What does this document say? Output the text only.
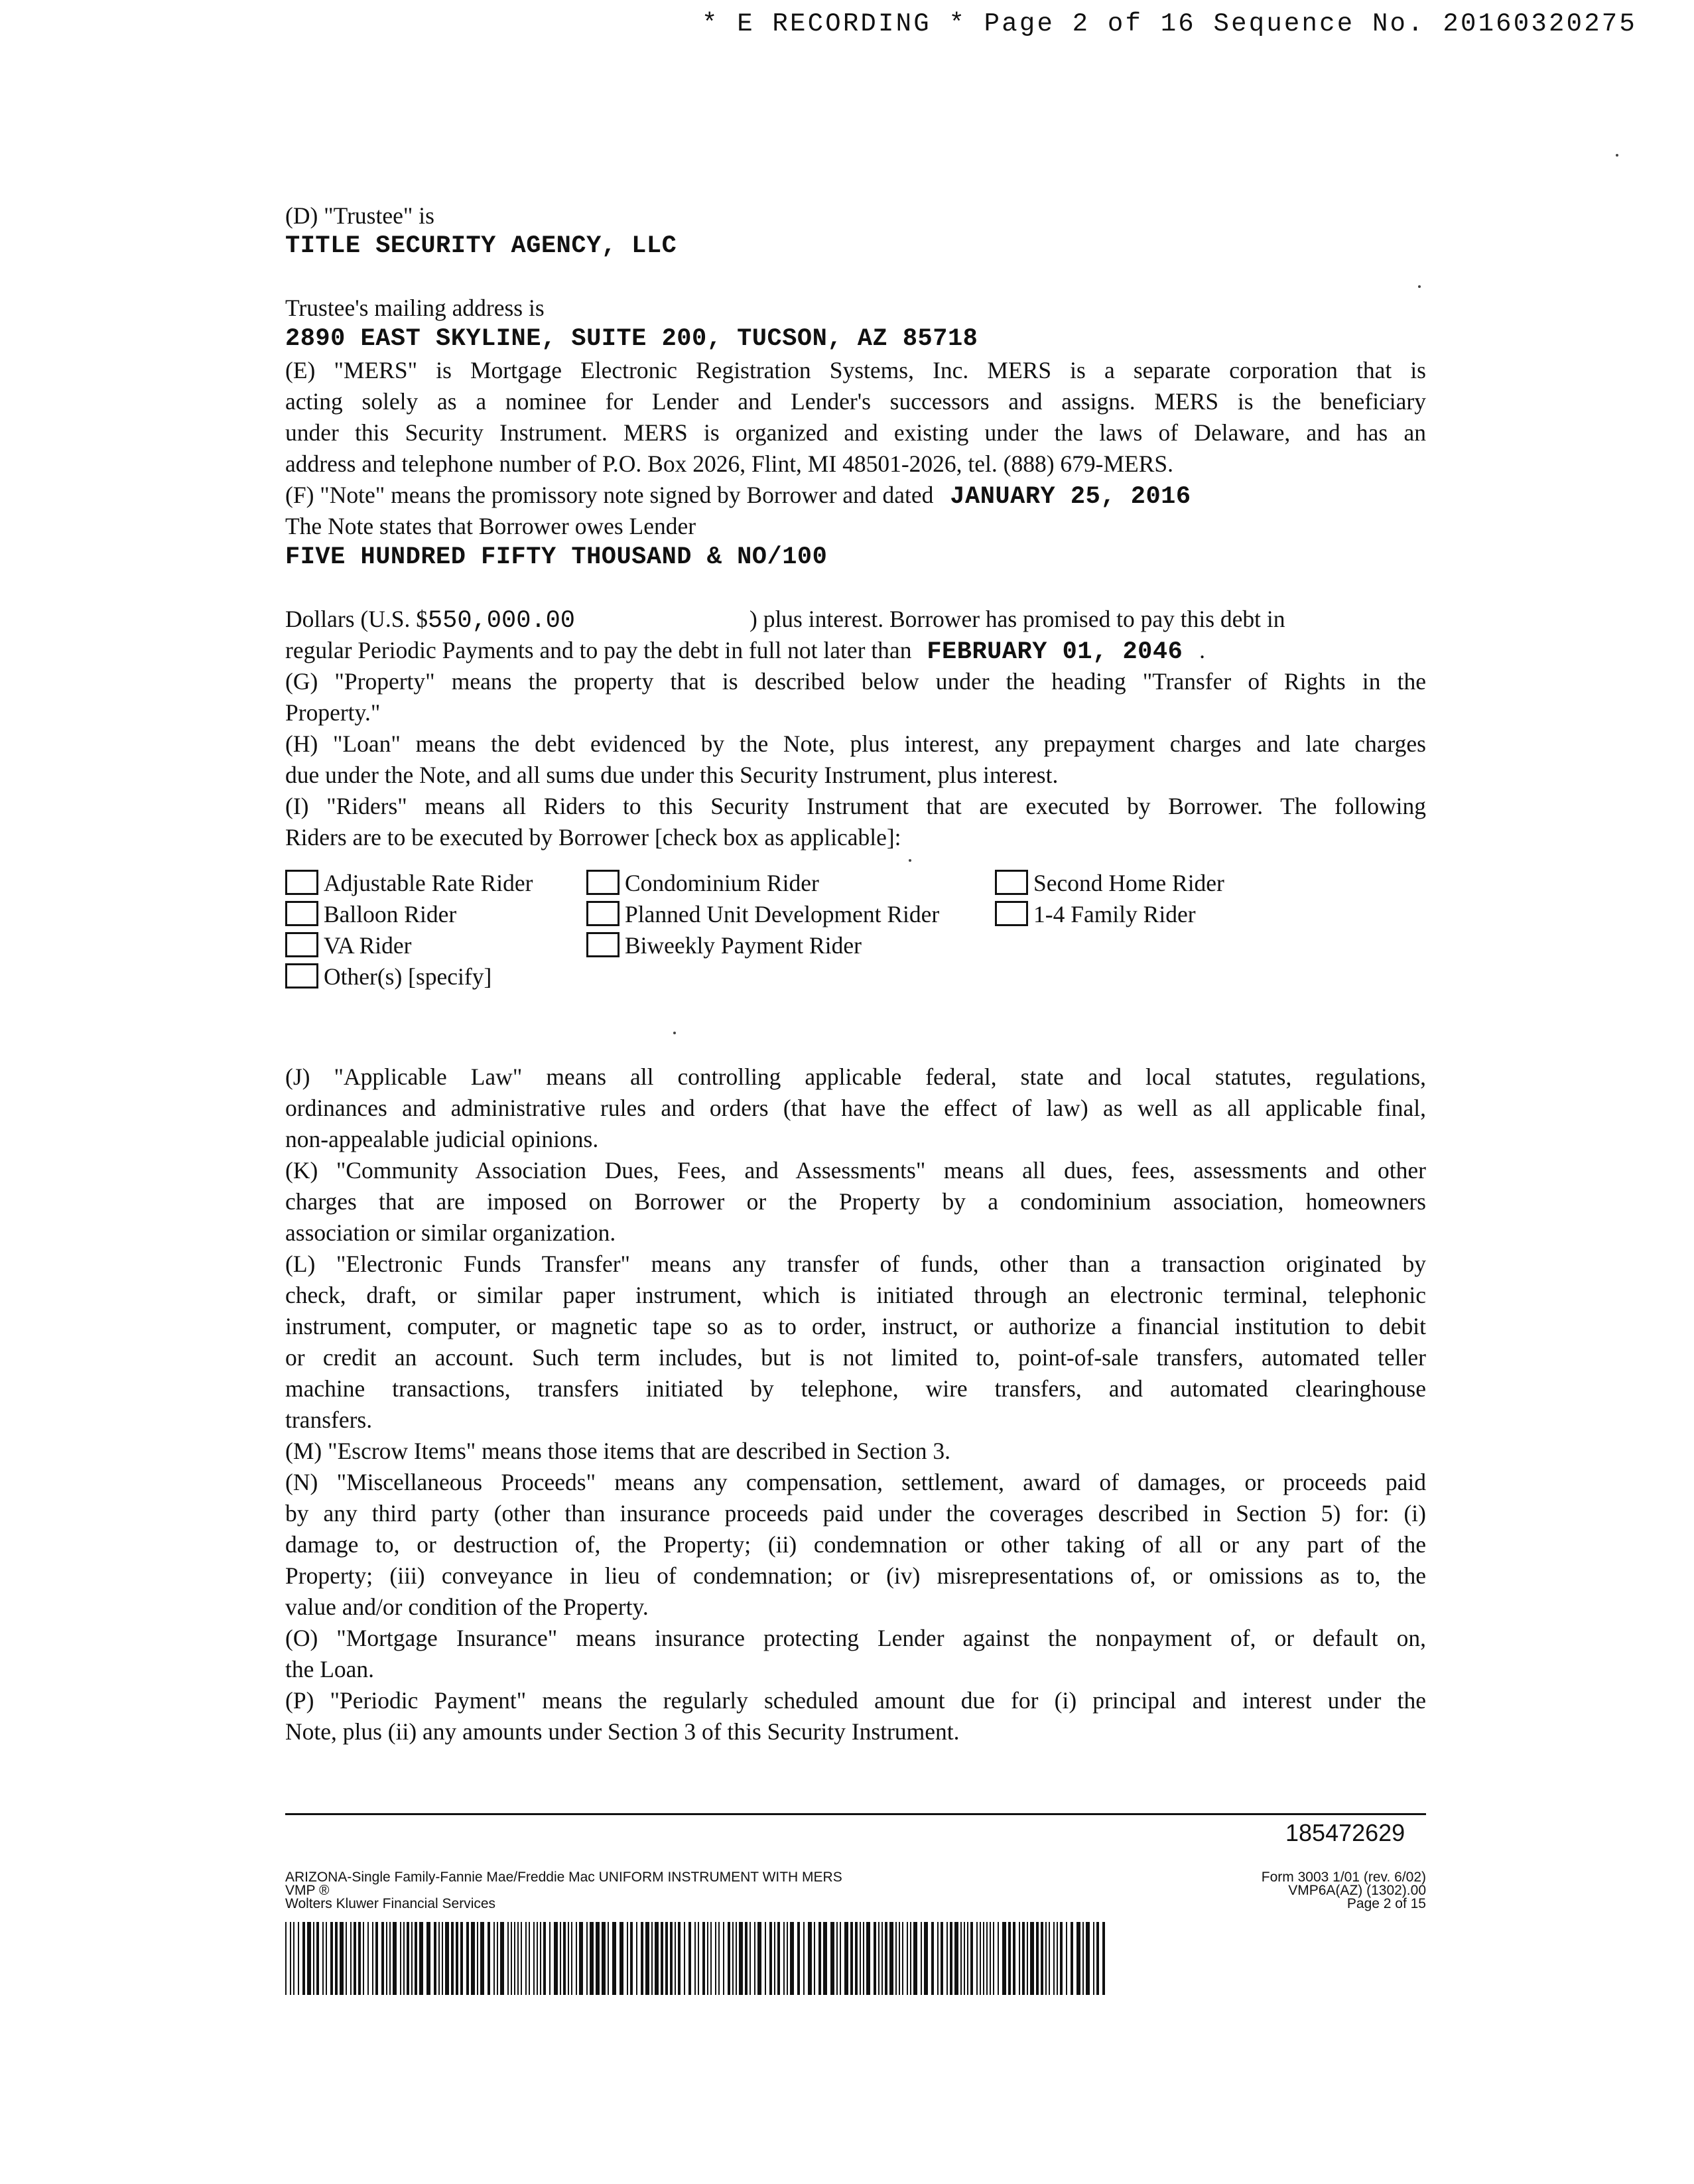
* E RECORDING * Page 2 of 16 Sequence No. 20160320275
(D) "Trustee" is
TITLE SECURITY AGENCY, LLC
Trustee's mailing address is
2890 EAST SKYLINE, SUITE 200, TUCSON, AZ 85718
(E) "MERS" is Mortgage Electronic Registration Systems, Inc. MERS is a separate corporation that is
acting solely as a nominee for Lender and Lender's successors and assigns. MERS is the beneficiary
under this Security Instrument. MERS is organized and existing under the laws of Delaware, and has an
address and telephone number of P.O. Box 2026, Flint, MI 48501-2026, tel. (888) 679-MERS.
(F) "Note" means the promissory note signed by Borrower and dated JANUARY 25, 2016
The Note states that Borrower owes Lender
FIVE HUNDRED FIFTY THOUSAND & NO/100
Dollars (U.S. $550,000.00	) plus interest. Borrower has promised to pay this debt in
regular Periodic Payments and to pay the debt in full not later than FEBRUARY 01, 2046 .
(G) "Property" means the property that is described below under the heading "Transfer of Rights in the
Property."
(H) "Loan" means the debt evidenced by the Note, plus interest, any prepayment charges and late charges
due under the Note, and all sums due under this Security Instrument, plus interest.
(I) "Riders" means all Riders to this Security Instrument that are executed by Borrower. The following
Riders are to be executed by Borrower [check box as applicable]:
Adjustable Rate Rider	Condominium Rider	Second Home Rider
Balloon Rider	Planned Unit Development Rider	1-4 Family Rider
VA Rider	Biweekly Payment Rider
Other(s) [specify]
(J) "Applicable Law" means all controlling applicable federal, state and local statutes, regulations,
ordinances and administrative rules and orders (that have the effect of law) as well as all applicable final,
non-appealable judicial opinions.
(K) "Community Association Dues, Fees, and Assessments" means all dues, fees, assessments and other
charges that are imposed on Borrower or the Property by a condominium association, homeowners
association or similar organization.
(L) "Electronic Funds Transfer" means any transfer of funds, other than a transaction originated by
check, draft, or similar paper instrument, which is initiated through an electronic terminal, telephonic
instrument, computer, or magnetic tape so as to order, instruct, or authorize a financial institution to debit
or credit an account. Such term includes, but is not limited to, point-of-sale transfers, automated teller
machine transactions, transfers initiated by telephone, wire transfers, and automated clearinghouse
transfers.
(M) "Escrow Items" means those items that are described in Section 3.
(N) "Miscellaneous Proceeds" means any compensation, settlement, award of damages, or proceeds paid
by any third party (other than insurance proceeds paid under the coverages described in Section 5) for: (i)
damage to, or destruction of, the Property; (ii) condemnation or other taking of all or any part of the
Property; (iii) conveyance in lieu of condemnation; or (iv) misrepresentations of, or omissions as to, the
value and/or condition of the Property.
(O) "Mortgage Insurance" means insurance protecting Lender against the nonpayment of, or default on,
the Loan.
(P) "Periodic Payment" means the regularly scheduled amount due for (i) principal and interest under the
Note, plus (ii) any amounts under Section 3 of this Security Instrument.
185472629
ARIZONA-Single Family-Fannie Mae/Freddie Mac UNIFORM INSTRUMENT WITH MERS
VMP ®
Wolters Kluwer Financial Services
Form 3003 1/01 (rev. 6/02)
VMP6A(AZ) (1302).00
Page 2 of 15
